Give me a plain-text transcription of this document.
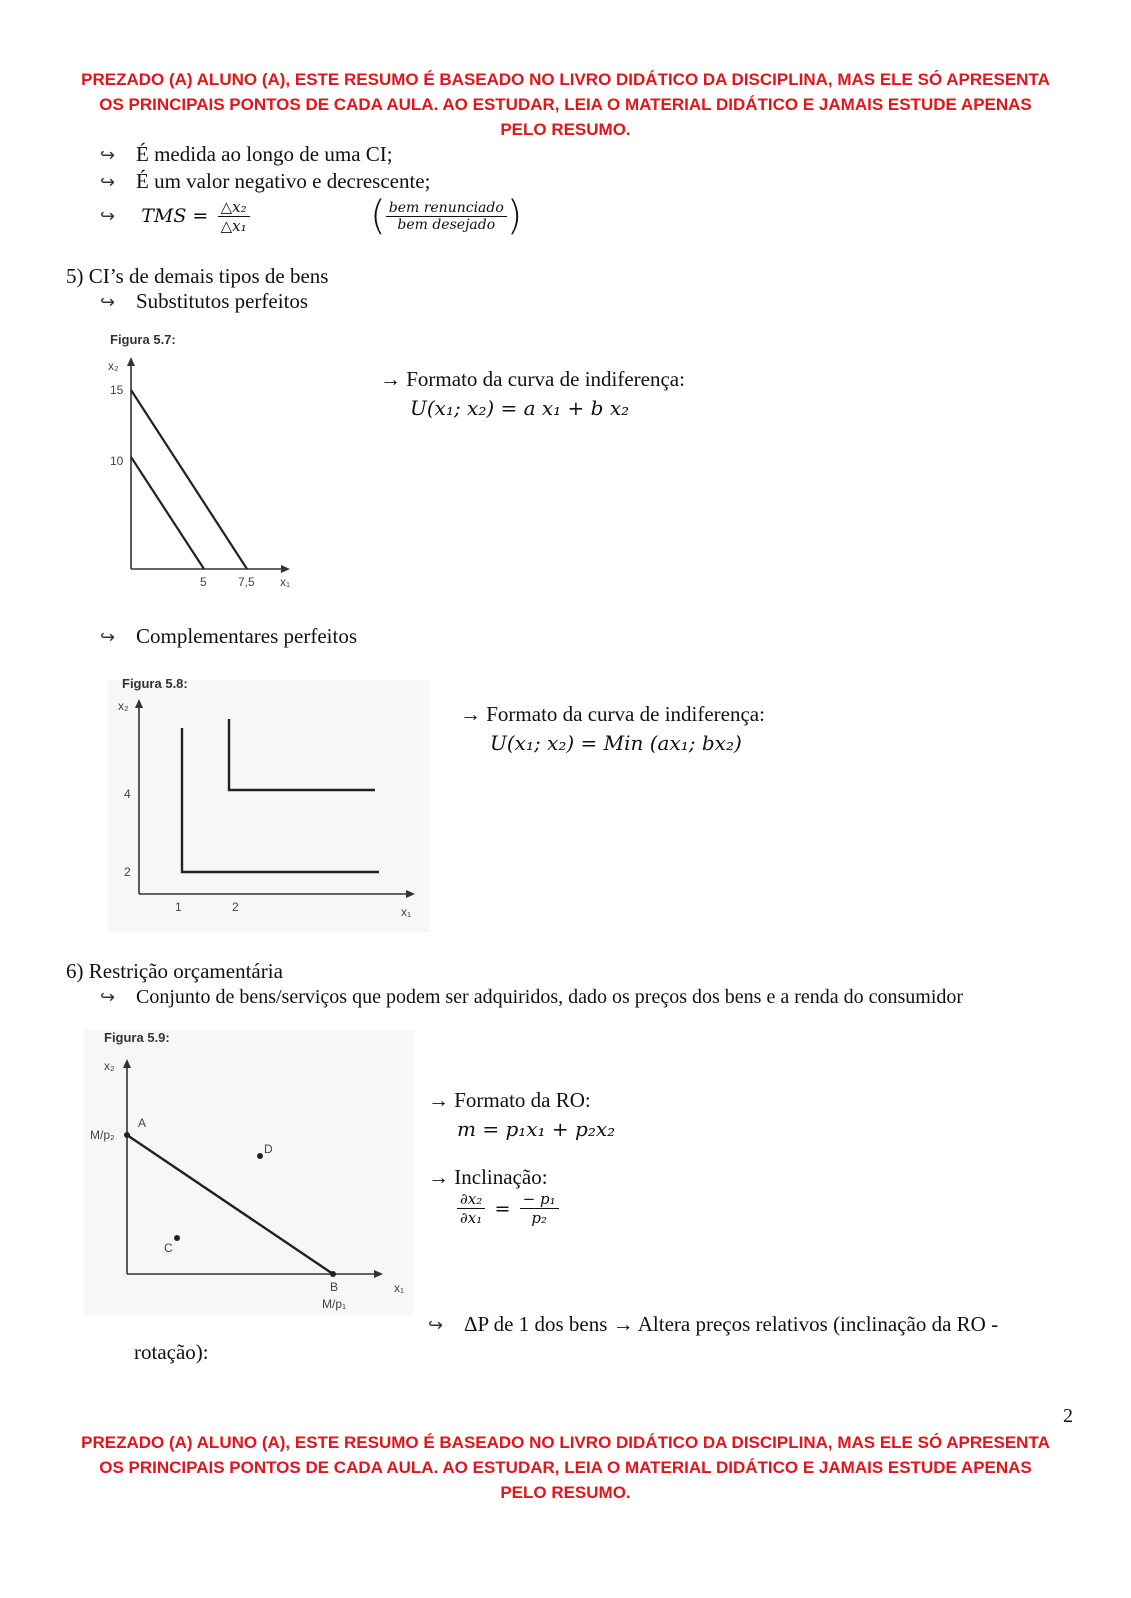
PREZADO (A) ALUNO (A), ESTE RESUMO É BASEADO NO LIVRO DIDÁTICO DA DISCIPLINA, MAS ELE SÓ APRESENTA
OS PRINCIPAIS PONTOS DE CADA AULA. AO ESTUDAR, LEIA O MATERIAL DIDÁTICO E JAMAIS ESTUDE APENAS
PELO RESUMO.
↪ É medida ao longo de uma CI;
↪ É um valor negativo e decrescente;
↪ TMS = $\frac{\text{△x₂}}{\text{△x₁}}$	( $\frac{\text{bem renunciado}}{\text{bem desejado}}$ )
5) CI’s de demais tipos de bens
↪ Substitutos perfeitos
Figura 5.7:
x₂
15
10
5	7,5 x₁
→ Formato da curva de indiferença:
U(x₁; x₂) = a x₁ + b x₂
↪ Complementares perfeitos
Figura 5.8:
x₂
4
2
1	2	x₁
→ Formato da curva de indiferença:
U(x₁; x₂) = Min (ax₁; bx₂)
6) Restrição orçamentária
↪ Conjunto de bens/serviços que podem ser adquiridos, dado os preços dos bens e a renda do consumidor
Figura 5.9:
x₂
A
B
C
D
M/p₂
M/p₁
x₁
→ Formato da RO:
m = p₁x₁ + p₂x₂
→ Inclinação:
$\frac{\text{∂x₂}}{\text{∂x₁}} = \frac{\text{− p₁}}{\text{p₂}}$
↪ ΔP de 1 dos bens → Altera preços relativos (inclinação da RO -
rotação):
2
PREZADO (A) ALUNO (A), ESTE RESUMO É BASEADO NO LIVRO DIDÁTICO DA DISCIPLINA, MAS ELE SÓ APRESENTA
OS PRINCIPAIS PONTOS DE CADA AULA. AO ESTUDAR, LEIA O MATERIAL DIDÁTICO E JAMAIS ESTUDE APENAS
PELO RESUMO.
